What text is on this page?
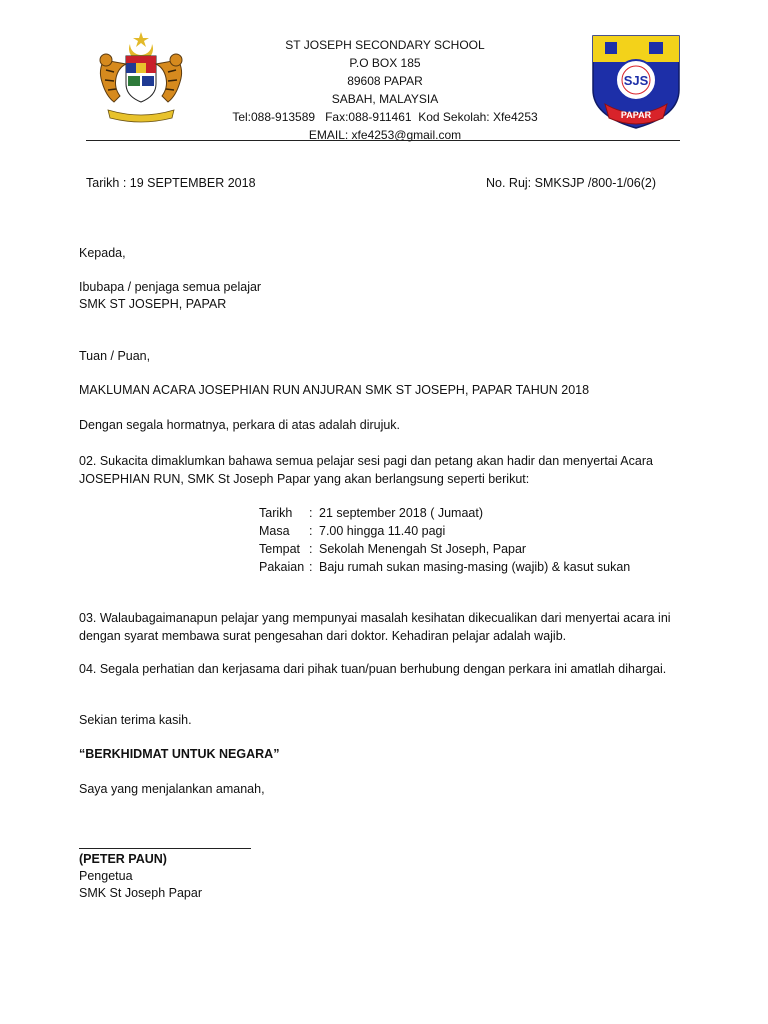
ST JOSEPH SECONDARY SCHOOL
P.O BOX 185
89608 PAPAR
SABAH, MALAYSIA
Tel:088-913589   Fax:088-911461  Kod Sekolah: Xfe4253
EMAIL: xfe4253@gmail.com
SJS
PAPAR
Tarikh : 19 SEPTEMBER 2018	No. Ruj: SMKSJP /800-1/06(2)
Kepada,
Ibubapa / penjaga semua pelajar
SMK ST JOSEPH, PAPAR
Tuan / Puan,
MAKLUMAN ACARA JOSEPHIAN RUN ANJURAN SMK ST JOSEPH, PAPAR TAHUN 2018
Dengan segala hormatnya, perkara di atas adalah dirujuk.
02. Sukacita dimaklumkan bahawa semua pelajar sesi pagi dan petang akan hadir dan menyertai Acara JOSEPHIAN RUN, SMK St Joseph Papar yang akan berlangsung seperti berikut:
Tarikh	: 21 september 2018 ( Jumaat)
Masa	: 7.00 hingga 11.40 pagi
Tempat : Sekolah Menengah St Joseph, Papar
Pakaian : Baju rumah sukan masing-masing (wajib) & kasut sukan
03. Walaubagaimanapun pelajar yang mempunyai masalah kesihatan dikecualikan dari menyertai acara ini dengan syarat membawa surat pengesahan dari doktor. Kehadiran pelajar adalah wajib.
04. Segala perhatian dan kerjasama dari pihak tuan/puan berhubung dengan perkara ini amatlah dihargai.
Sekian terima kasih.
“BERKHIDMAT UNTUK NEGARA”
Saya yang menjalankan amanah,
(PETER PAUN)
Pengetua
SMK St Joseph Papar
